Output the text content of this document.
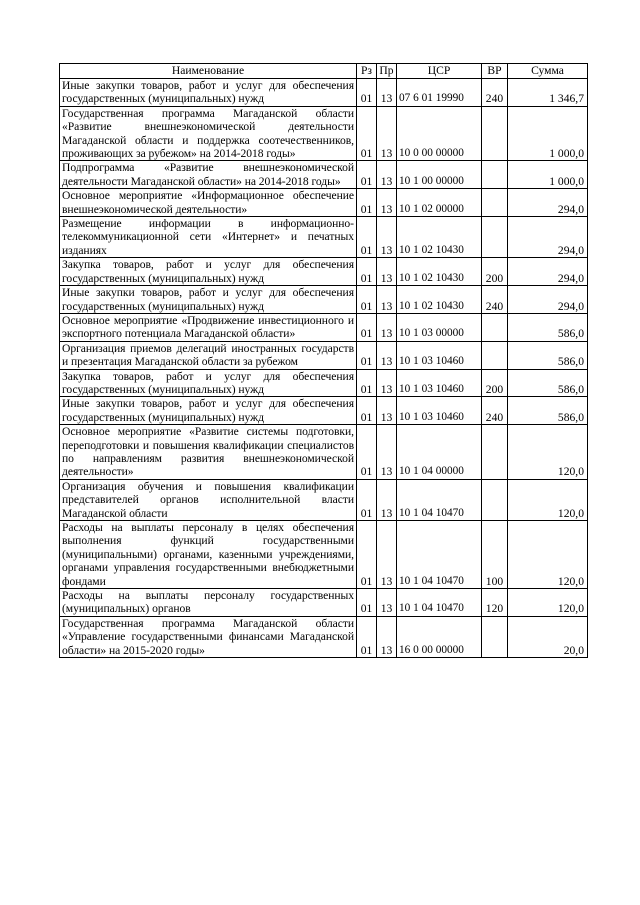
Наименование	Рз	Пр	ЦСР	ВР	Сумма
Иные закупки товаров, работ и услуг для обеспечения государственных (муниципальных) нужд	01	13	07 6 01 19990	240	1 346,7
Государственная программа Магаданской области «Развитие внешнеэкономической деятельности Магаданской области и поддержка соотечественников, проживающих за рубежом» на 2014-2018 годы»	01	13	10 0 00 00000		1 000,0
Подпрограмма «Развитие внешнеэкономической деятельности Магаданской области» на 2014-2018 годы»	01	13	10 1 00 00000		1 000,0
Основное мероприятие «Информационное обеспечение внешнеэкономической деятельности»	01	13	10 1 02 00000		294,0
Размещение информации в информационно-телекоммуникационной сети «Интернет» и печатных изданиях	01	13	10 1 02 10430		294,0
Закупка товаров, работ и услуг для обеспечения государственных (муниципальных) нужд	01	13	10 1 02 10430	200	294,0
Иные закупки товаров, работ и услуг для обеспечения государственных (муниципальных) нужд	01	13	10 1 02 10430	240	294,0
Основное мероприятие «Продвижение инвестиционного и экспортного потенциала Магаданской области»	01	13	10 1 03 00000		586,0
Организация приемов делегаций иностранных государств и презентация Магаданской области за рубежом	01	13	10 1 03 10460		586,0
Закупка товаров, работ и услуг для обеспечения государственных (муниципальных) нужд	01	13	10 1 03 10460	200	586,0
Иные закупки товаров, работ и услуг для обеспечения государственных (муниципальных) нужд	01	13	10 1 03 10460	240	586,0
Основное мероприятие «Развитие системы подготовки, переподготовки и повышения квалификации специалистов по направлениям развития внешнеэкономической деятельности»	01	13	10 1 04 00000		120,0
Организация обучения и повышения квалификации представителей органов исполнительной власти Магаданской области	01	13	10 1 04 10470		120,0
Расходы на выплаты персоналу в целях обеспечения выполнения функций государственными (муниципальными) органами, казенными учреждениями, органами управления государственными внебюджетными фондами	01	13	10 1 04 10470	100	120,0
Расходы на выплаты персоналу государственных (муниципальных) органов	01	13	10 1 04 10470	120	120,0
Государственная программа Магаданской области «Управление государственными финансами Магаданской области» на 2015-2020 годы»	01	13	16 0 00 00000		20,0
